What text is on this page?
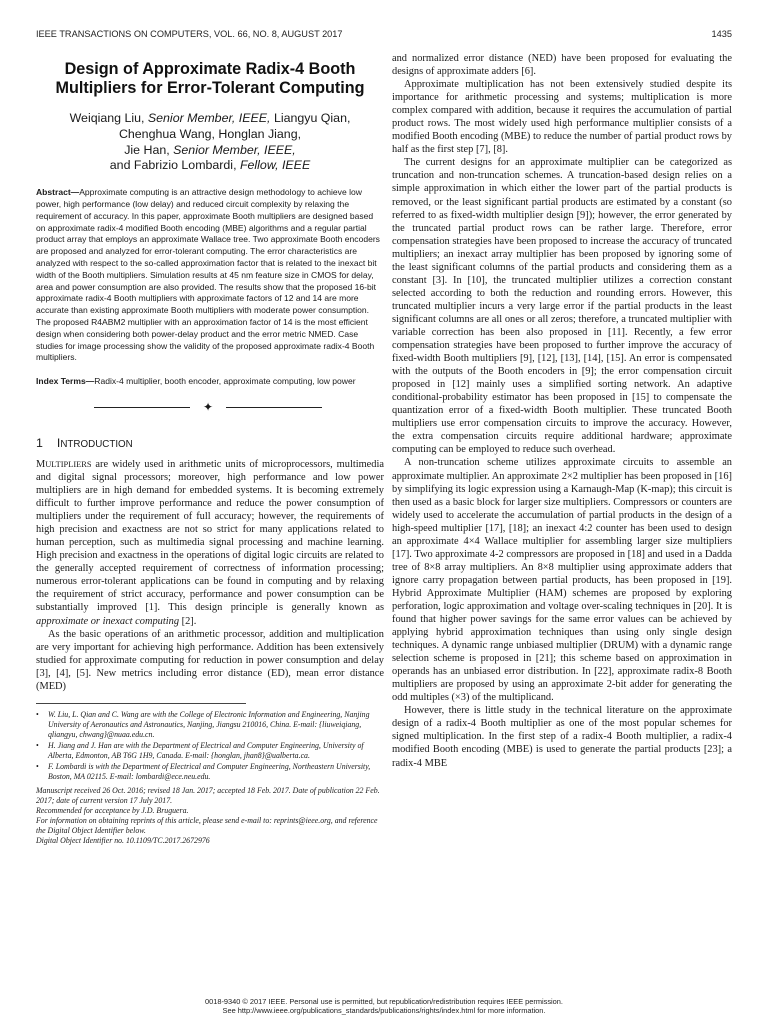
IEEE TRANSACTIONS ON COMPUTERS, VOL. 66, NO. 8, AUGUST 2017	1435
Design of Approximate Radix-4 Booth Multipliers for Error-Tolerant Computing
Weiqiang Liu, Senior Member, IEEE, Liangyu Qian,
Chenghua Wang, Honglan Jiang,
Jie Han, Senior Member, IEEE,
and Fabrizio Lombardi, Fellow, IEEE
Abstract—Approximate computing is an attractive design methodology to achieve low power, high performance (low delay) and reduced circuit complexity by relaxing the requirement of accuracy. In this paper, approximate Booth multipliers are designed based on approximate radix-4 modified Booth encoding (MBE) algorithms and a regular partial product array that employs an approximate Wallace tree. Two approximate Booth encoders are proposed and analyzed for error-tolerant computing. The error characteristics are analyzed with respect to the so-called approximation factor that is related to the inexact bit width of the Booth multipliers. Simulation results at 45 nm feature size in CMOS for delay, area and power consumption are also provided. The results show that the proposed 16-bit approximate radix-4 Booth multipliers with approximate factors of 12 and 14 are more accurate than existing approximate Booth multipliers with moderate power consumption. The proposed R4ABM2 multiplier with an approximation factor of 14 is the most efficient design when considering both power-delay product and the error metric NMED. Case studies for image processing show the validity of the proposed approximate radix-4 Booth multipliers.
Index Terms—Radix-4 multiplier, booth encoder, approximate computing, low power
✦
1 INTRODUCTION

MULTIPLIERS are widely used in arithmetic units of microprocessors, multimedia and digital signal processors; moreover, high performance and low power multipliers are in high demand for embedded systems. It is becoming extremely difficult to further improve performance and reduce the power consumption of multipliers under the requirement of full accuracy; however, the requirements of high precision and exactness are not so strict for many applications related to human perception, such as multimedia signal processing and machine learning. High precision and exactness in the operations of digital logic circuits are related to the generally accepted requirement of correctness of information processing; numerous error-tolerant applications can be found in computing and by relaxing the requirement of strict accuracy, performance and power consumption can be substantially improved [1]. This design principle is generally known as approximate or inexact computing [2].

As the basic operations of an arithmetic processor, addition and multiplication are very important for achieving high performance. Addition has been extensively studied for approximate computing for reduction in power consumption and delay [3], [4], [5]. New metrics including error distance (ED), mean error distance (MED)

• W. Liu, L. Qian and C. Wang are with the College of Electronic Information and Engineering, Nanjing University of Aeronautics and Astronautics, Nanjing, Jiangsu 210016, China. E-mail: {liuweiqiang, qliangyu, chwang}@nuaa.edu.cn.
• H. Jiang and J. Han are with the Department of Electrical and Computer Engineering, University of Alberta, Edmonton, AB T6G 1H9, Canada. E-mail: {honglan, jhan8}@ualberta.ca.
• F. Lombardi is with the Department of Electrical and Computer Engineering, Northeastern University, Boston, MA 02115. E-mail: lombardi@ece.neu.edu.
Manuscript received 26 Oct. 2016; revised 18 Jan. 2017; accepted 18 Feb. 2017. Date of publication 22 Feb. 2017; date of current version 17 July 2017.
Recommended for acceptance by J.D. Bruguera.
For information on obtaining reprints of this article, please send e-mail to: reprints@ieee.org, and reference the Digital Object Identifier below.
Digital Object Identifier no. 10.1109/TC.2017.2672976

and normalized error distance (NED) have been proposed for evaluating the designs of approximate adders [6].

Approximate multiplication has not been extensively studied despite its importance for arithmetic processing and systems; multiplication is more complex compared with addition, because it requires the accumulation of partial product rows. The most widely used high performance multiplier consists of a modified Booth encoding (MBE) to reduce the number of partial product rows by half as the first step [7], [8].

The current designs for an approximate multiplier can be categorized as truncation and non-truncation schemes. A truncation-based design relies on a simple approximation in which either the lower part of the partial products is removed, or the least significant partial products are estimated by a constant (so referred to as fixed-width multiplier design [9]); however, the error generated by the truncated partial product rows can be rather large. Therefore, error compensation strategies have been proposed to increase the accuracy of truncated multipliers; an inexact array multiplier has been proposed by ignoring some of the least significant columns of the partial products and considering them as a constant [3]. In [10], the truncated multiplier utilizes a correction constant selected according to both the reduction and rounding errors. However, this truncated multiplier incurs a very large error if the partial products in the least significant columns are all ones or all zeros; therefore, a truncated multiplier with variable correction has been also proposed in [11]. Recently, a few error compensation strategies have been proposed to further improve the accuracy of fixed-width Booth multipliers [9], [12], [13], [14], [15]. An error is compensated with the outputs of the Booth encoders in [9]; the error compensation circuit proposed in [12] mainly uses a simplified sorting network. An adaptive conditional-probability estimator has been proposed in [15] to compensate the quantization error of a fixed-width Booth multiplier. These truncated Booth multipliers use error compensation circuits to improve the accuracy. However, the extra compensation circuits require additional hardware; approximate computing can be employed to reduce such overhead.

A non-truncation scheme utilizes approximate circuits to assemble an approximate multiplier. An approximate 2×2 multiplier has been proposed in [16] by simplifying its logic expression using a Karnaugh-Map (K-map); this circuit is then used as a basic block for larger size multipliers. Compressors or counters are widely used to accelerate the accumulation of partial products in the design of a high-speed multiplier [17], [18]; an inexact 4:2 counter has been used to design an approximate 4×4 Wallace multiplier for assembling larger size multipliers [17]. Two approximate 4-2 compressors are proposed in [18] and used in a Dadda tree of 8×8 array multipliers. An 8×8 multiplier using approximate adders that ignore carry propagation between partial products, has been proposed in [19]. Hybrid Approximate Multiplier (HAM) schemes are proposed by exploring perforation, logic approximation and voltage over-scaling techniques in [20]. It is found that higher power savings for the same error values can be achieved by applying hybrid approximation techniques than using only single design techniques. A dynamic range unbiased multiplier (DRUM) with a dynamic range selection scheme is proposed in [21]; this scheme based on approximation in operands has an unbiased error distribution. In [22], approximate radix-8 Booth multipliers are proposed by using an approximate 2-bit adder for generating the odd multiples (×3) of the multiplicand.

However, there is little study in the technical literature on the approximate design of a radix-4 Booth multiplier as one of the most popular schemes for signed multiplication. In the first step of a radix-4 Booth multiplier, a radix-4 modified Booth encoding (MBE) is used to generate the partial products [23]; a radix-4 MBE

0018-9340 © 2017 IEEE. Personal use is permitted, but republication/redistribution requires IEEE permission.
See http://www.ieee.org/publications_standards/publications/rights/index.html for more information.
